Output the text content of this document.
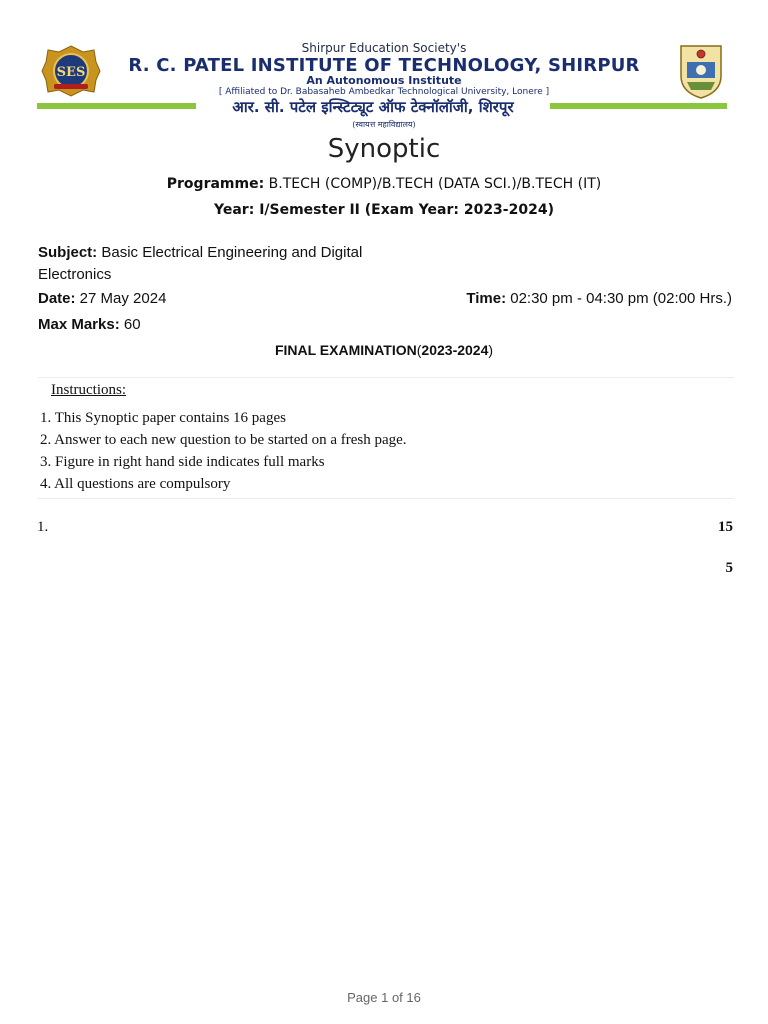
SES
Shirpur Education Society's
R. C. PATEL INSTITUTE OF TECHNOLOGY, SHIRPUR
An Autonomous Institute
[ Affiliated to Dr. Babasaheb Ambedkar Technological University, Lonere ]
आर. सी. पटेल इन्स्टिट्यूट ऑफ टेक्नॉलॉजी, शिरपूर
(स्वायत्त महाविद्यालय)
Synoptic
Programme: B.TECH (COMP)/B.TECH (DATA SCI.)/B.TECH (IT)
Year: I/Semester II (Exam Year: 2023-2024)
Subject: Basic Electrical Engineering and Digital Electronics
Date: 27 May 2024	Time: 02:30 pm - 04:30 pm (02:00 Hrs.)
Max Marks: 60
FINAL EXAMINATION(2023-2024)
Instructions:
1. This Synoptic paper contains 16 pages
2. Answer to each new question to be started on a fresh page.
3. Figure in right hand side indicates full marks
4. All questions are compulsory
1.	15
5
Page 1 of 16
